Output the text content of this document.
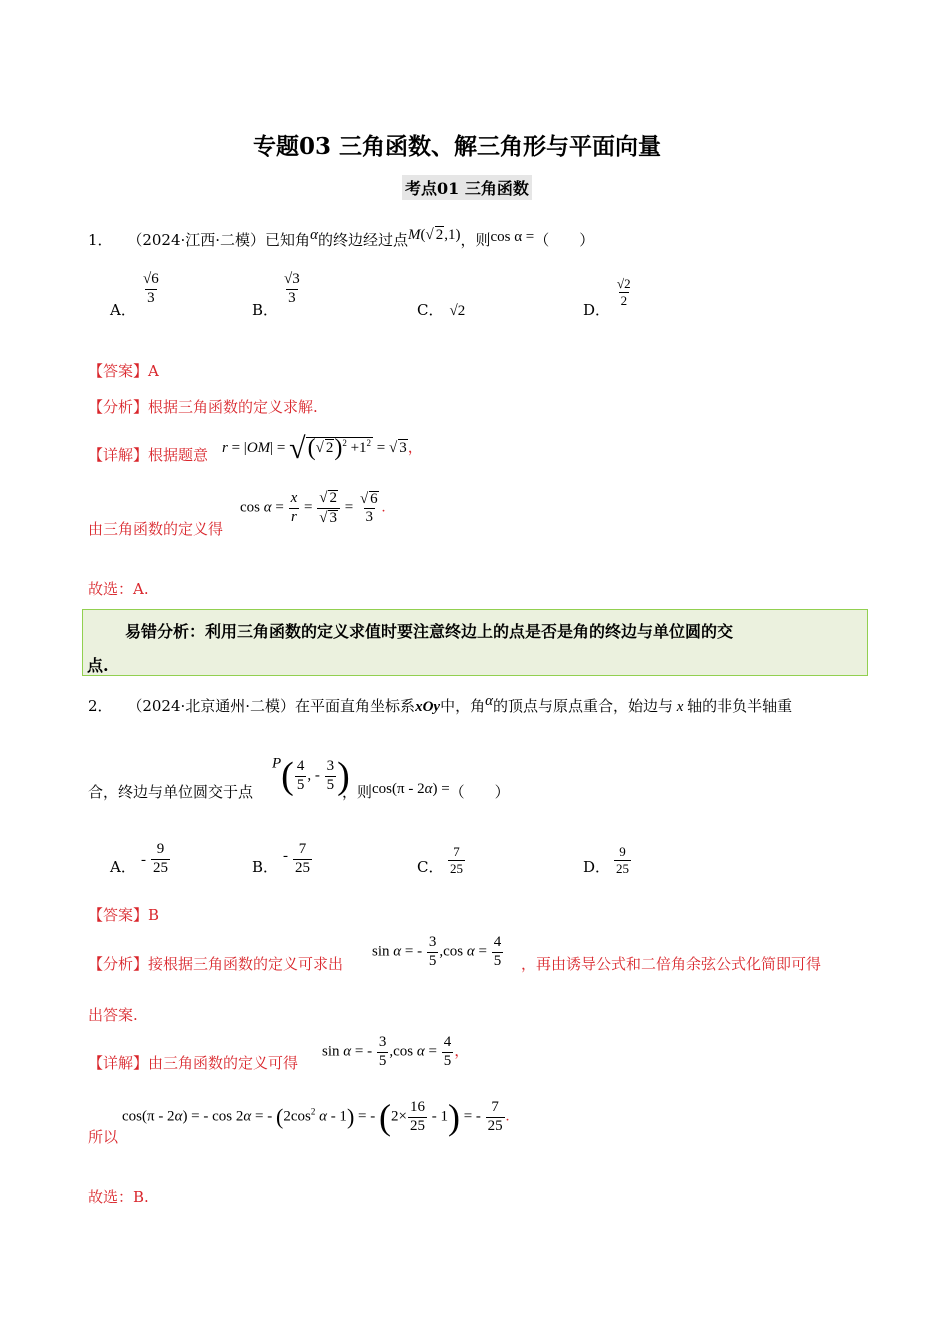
专题03 三角函数、解三角形与平面向量
考点01 三角函数
1． （2024·江西·二模）已知角α的终边经过点M( √ 2,1)，则cos α =（　　）
A．
$\frac{√6}{3}$
B．
$\frac{√3}{3}$
C． √2	D．
$\frac{√2}{2}$
【答案】A
【分析】根据三角函数的定义求解.
【详解】根据题意 r = |OM| = √( √ $2)^2 +1^2$ = √ 3，
由三角函数的定义得
$\cos \alpha = \frac{x}{r}$ = √ 2
√ 3 = √ $\frac{6}{3}$ .
故选：A.
易错分析：利用三角函数的定义求值时要注意终边上的点是否是角的终边与单位圆的交
点.
2． （2024·北京通州·二模）在平面直角坐标系xOy中，角α的顶点与原点重合，始边与 x 轴的非负半轴重
合，终边与单位圆交于点
$P( \frac{4}{5}$ , - $\frac{3}{5}$ )
，则cos(π - 2α) =（　　）
A． - $\frac{9}{25}$	B．
- $\frac{7}{25}$	C． $\frac{7}{25}$	D． $\frac{9}{25}$
【答案】B
【分析】接根据三角函数的定义可求出
sin α = - $\frac{3}{5} ,\cos$ $\alpha = \frac{4}{5}$ ，再由诱导公式和二倍角余弦公式化简即可得
出答案.
【详解】由三角函数的定义可得
sin α = - $\frac{3}{5} ,\cos$ $\alpha = \frac{4}{5}$ ，
所以
cos(π - 2α) = - cos 2α = - ($2\cos^2$ α - 1) = - $(2\times \frac{16}{25} - 1)$ = - $\frac{7}{25}$ .
故选：B.
